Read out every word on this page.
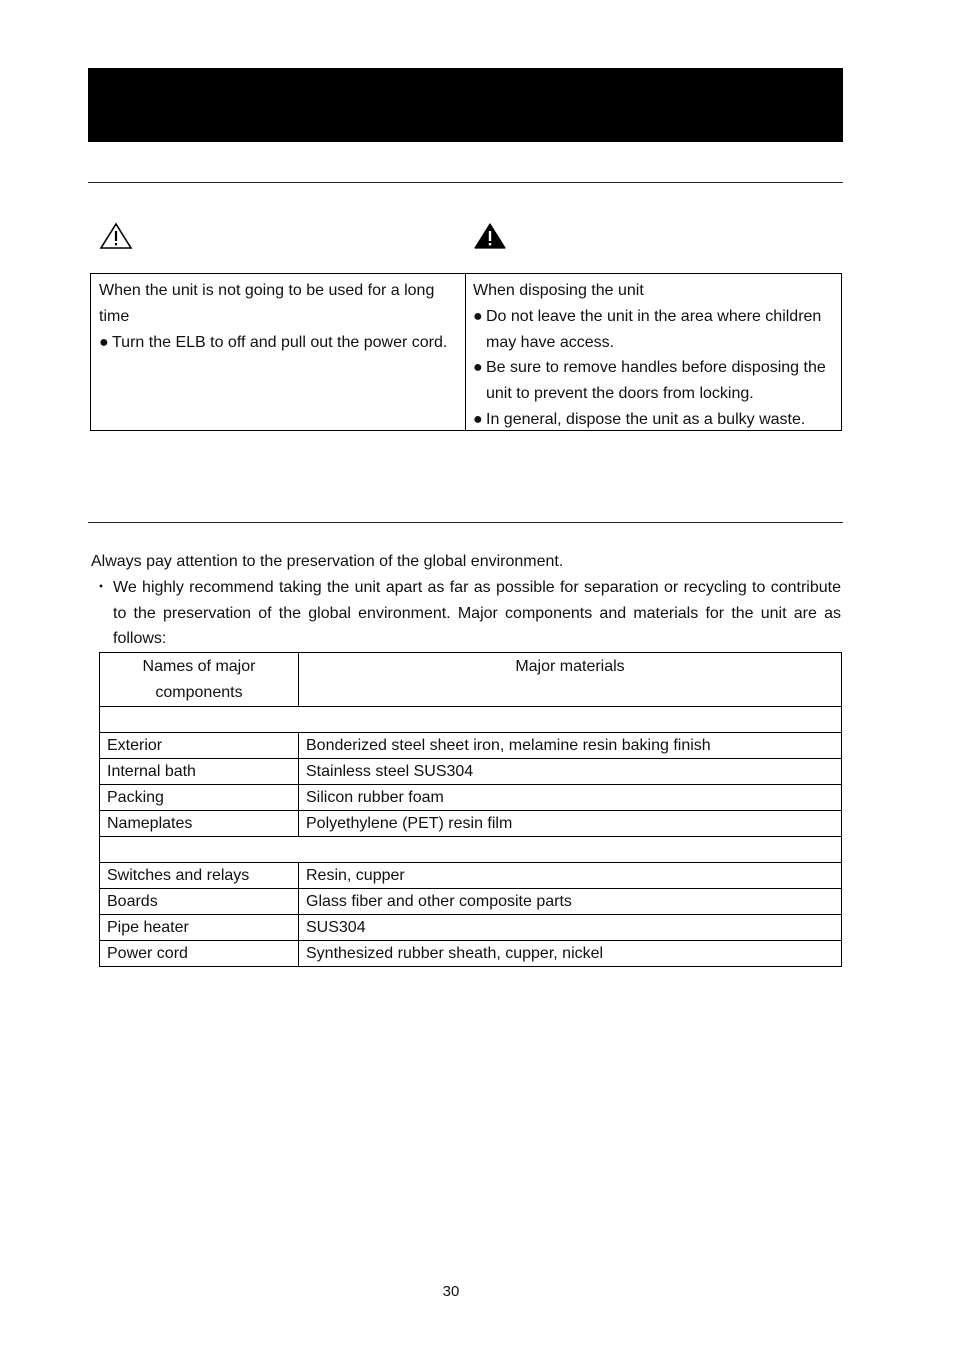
When the unit is not going to be used for a long time

● Turn the ELB to off and pull out the power cord.

When disposing the unit

● Do not leave the unit in the area where children may have access.
● Be sure to remove handles before disposing the unit to prevent the doors from locking.
● In general, dispose the unit as a bulky waste.
Always pay attention to the preservation of the global environment.
・ We highly recommend taking the unit apart as far as possible for separation or recycling to contribute to the preservation of the global environment. Major components and materials for the unit are as follows:
Names of major components	Major materials

Exterior	Bonderized steel sheet iron, melamine resin baking finish
Internal bath	Stainless steel SUS304
Packing	Silicon rubber foam
Nameplates	Polyethylene (PET) resin film

Switches and relays	Resin, cupper
Boards	Glass fiber and other composite parts
Pipe heater	SUS304
Power cord	Synthesized rubber sheath, cupper, nickel
30
